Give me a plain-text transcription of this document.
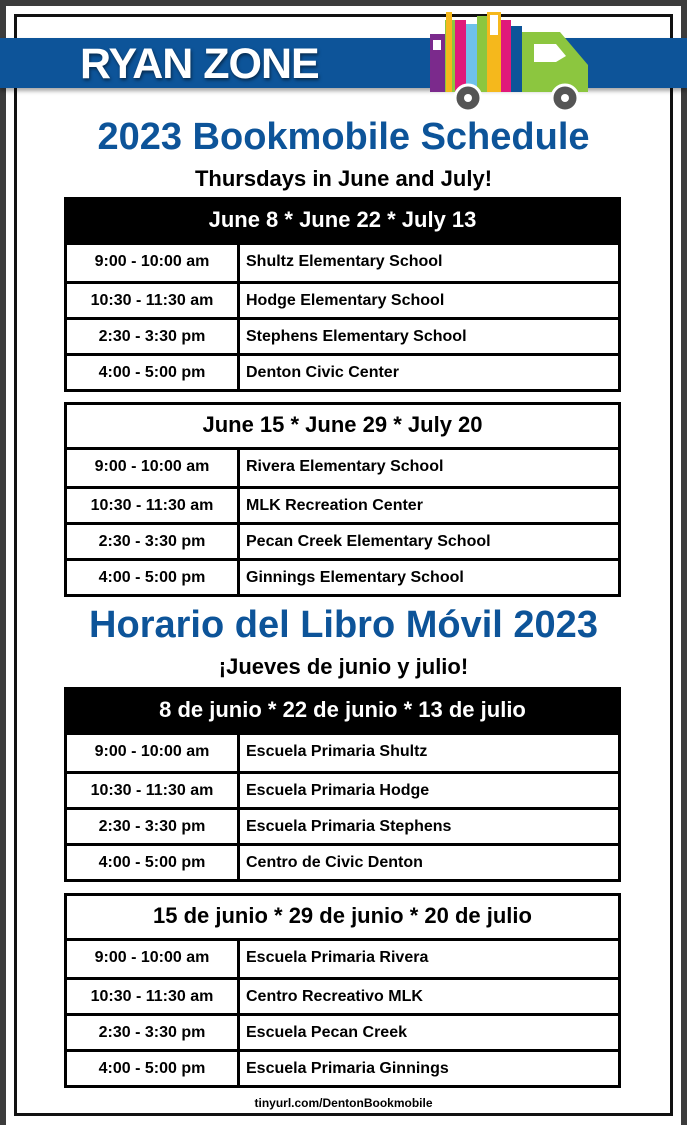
RYAN ZONE
2023 Bookmobile Schedule
Thursdays in June and July!
Horario del Libro Móvil 2023
¡Jueves de junio y julio!
June 8 * June 22 * July 13
9:00 - 10:00 am	Shultz Elementary School
10:30 - 11:30 am	Hodge Elementary School
2:30 - 3:30 pm	Stephens Elementary School
4:00 - 5:00 pm	Denton Civic Center
June 15 * June 29 * July 20
9:00 - 10:00 am	Rivera Elementary School
10:30 - 11:30 am	MLK Recreation Center
2:30 - 3:30 pm	Pecan Creek Elementary School
4:00 - 5:00 pm	Ginnings Elementary School
8 de junio * 22 de junio * 13 de julio
9:00 - 10:00 am	Escuela Primaria Shultz
10:30 - 11:30 am	Escuela Primaria Hodge
2:30 - 3:30 pm	Escuela Primaria Stephens
4:00 - 5:00 pm	Centro de Civic Denton
15 de junio * 29 de junio * 20 de julio
9:00 - 10:00 am	Escuela Primaria Rivera
10:30 - 11:30 am	Centro Recreativo MLK
2:30 - 3:30 pm	Escuela Pecan Creek
4:00 - 5:00 pm	Escuela Primaria Ginnings
tinyurl.com/DentonBookmobile
